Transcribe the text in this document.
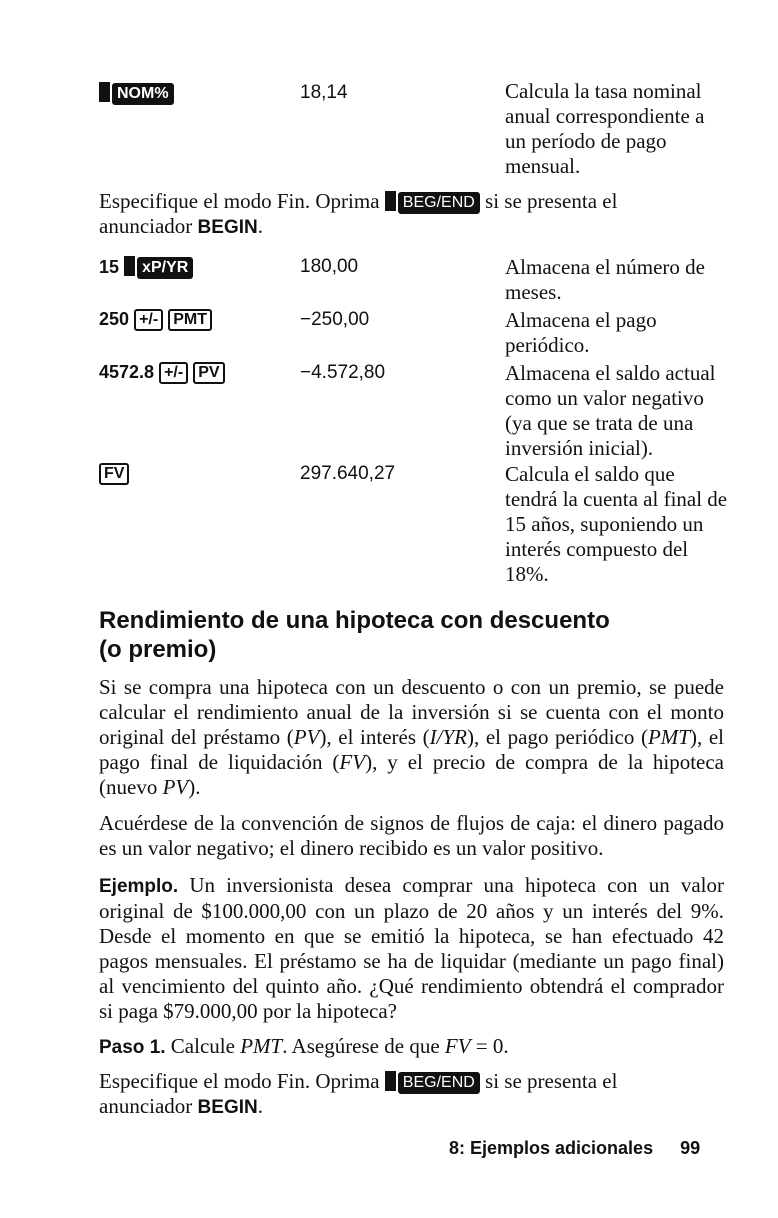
NOM%	18,14	Calcula la tasa nominal anual correspondiente a un período de pago mensual.
Especifique el modo Fin. Oprima BEG/END si se presenta el
anunciador BEGIN.
15 xP/YR	180,00	Almacena el número de meses.
250 +/- PMT	−250,00	Almacena el pago periódico.
4572.8 +/- PV	−4.572,80	Almacena el saldo actual como un valor negativo (ya que se trata de una inversión inicial).
FV	297.640,27	Calcula el saldo que tendrá la cuenta al final de 15 años, suponiendo un interés compuesto del 18%.
Rendimiento de una hipoteca con descuento
(o premio)
Si se compra una hipoteca con un descuento o con un premio, se puede calcular el rendimiento anual de la inversión si se cuenta con el monto original del préstamo (PV), el interés (I/YR), el pago periódico (PMT), el pago final de liquidación (FV), y el precio de compra de la hipoteca (nuevo PV).
Acuérdese de la convención de signos de flujos de caja: el dinero pagado es un valor negativo; el dinero recibido es un valor positivo.
Ejemplo. Un inversionista desea comprar una hipoteca con un valor original de $100.000,00 con un plazo de 20 años y un interés del 9%. Desde el momento en que se emitió la hipoteca, se han efectuado 42 pagos mensuales. El préstamo se ha de liquidar (mediante un pago final) al vencimiento del quinto año. ¿Qué rendimiento obtendrá el comprador si paga $79.000,00 por la hipoteca?
Paso 1. Calcule PMT. Asegúrese de que FV = 0.
Especifique el modo Fin. Oprima BEG/END si se presenta el
anunciador BEGIN.
8: Ejemplos adicionales 99
